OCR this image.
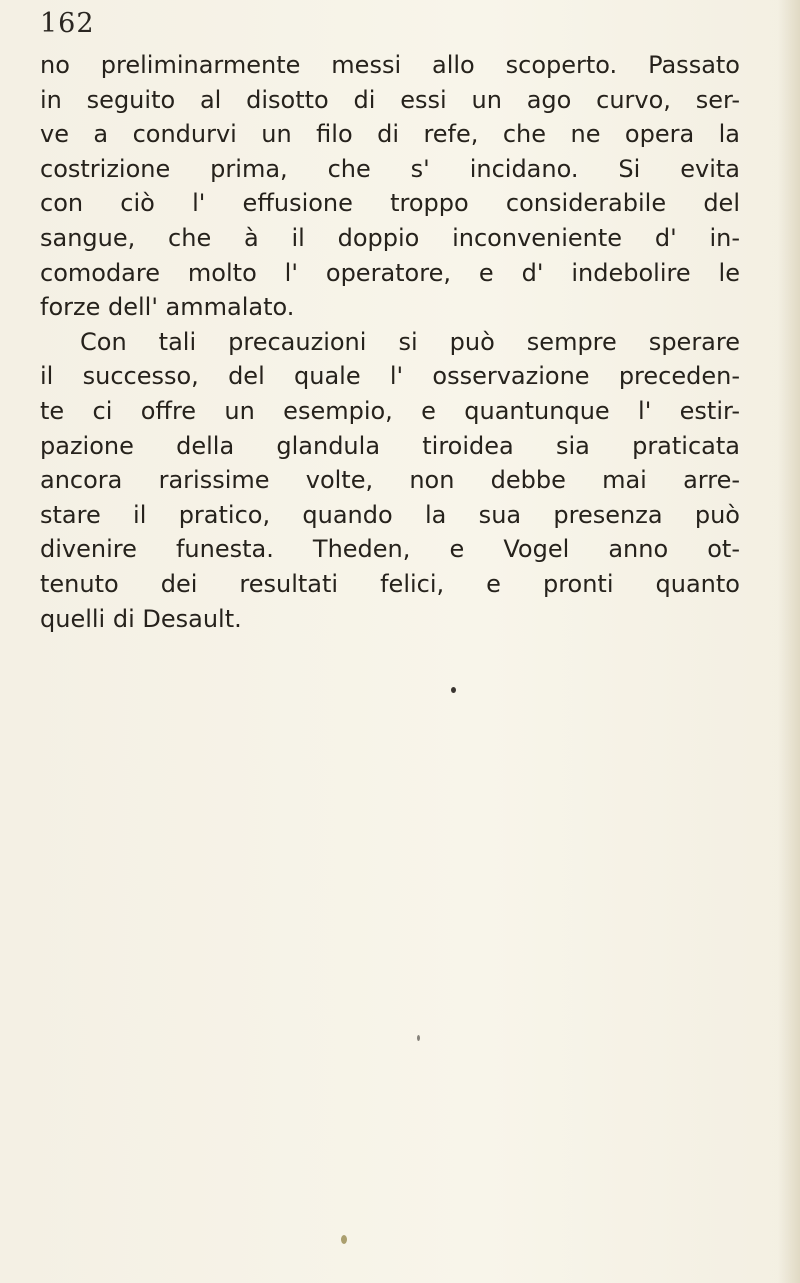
162
no preliminarmente messi allo scoperto. Passato
in seguito al disotto di essi un ago curvo, ser-
ve a condurvi un filo di refe, che ne opera la
costrizione prima, che s' incidano. Si evita
con ciò l' effusione troppo considerabile del
sangue, che à il doppio inconveniente d' in-
comodare molto l' operatore, e d' indebolire le
forze dell' ammalato.
Con tali precauzioni si può sempre sperare
il successo, del quale l' osservazione preceden-
te ci offre un esempio, e quantunque l' estir-
pazione della glandula tiroidea sia praticata
ancora rarissime volte, non debbe mai arre-
stare il pratico, quando la sua presenza può
divenire funesta. Theden, e Vogel anno ot-
tenuto dei resultati felici, e pronti quanto
quelli di Desault.
